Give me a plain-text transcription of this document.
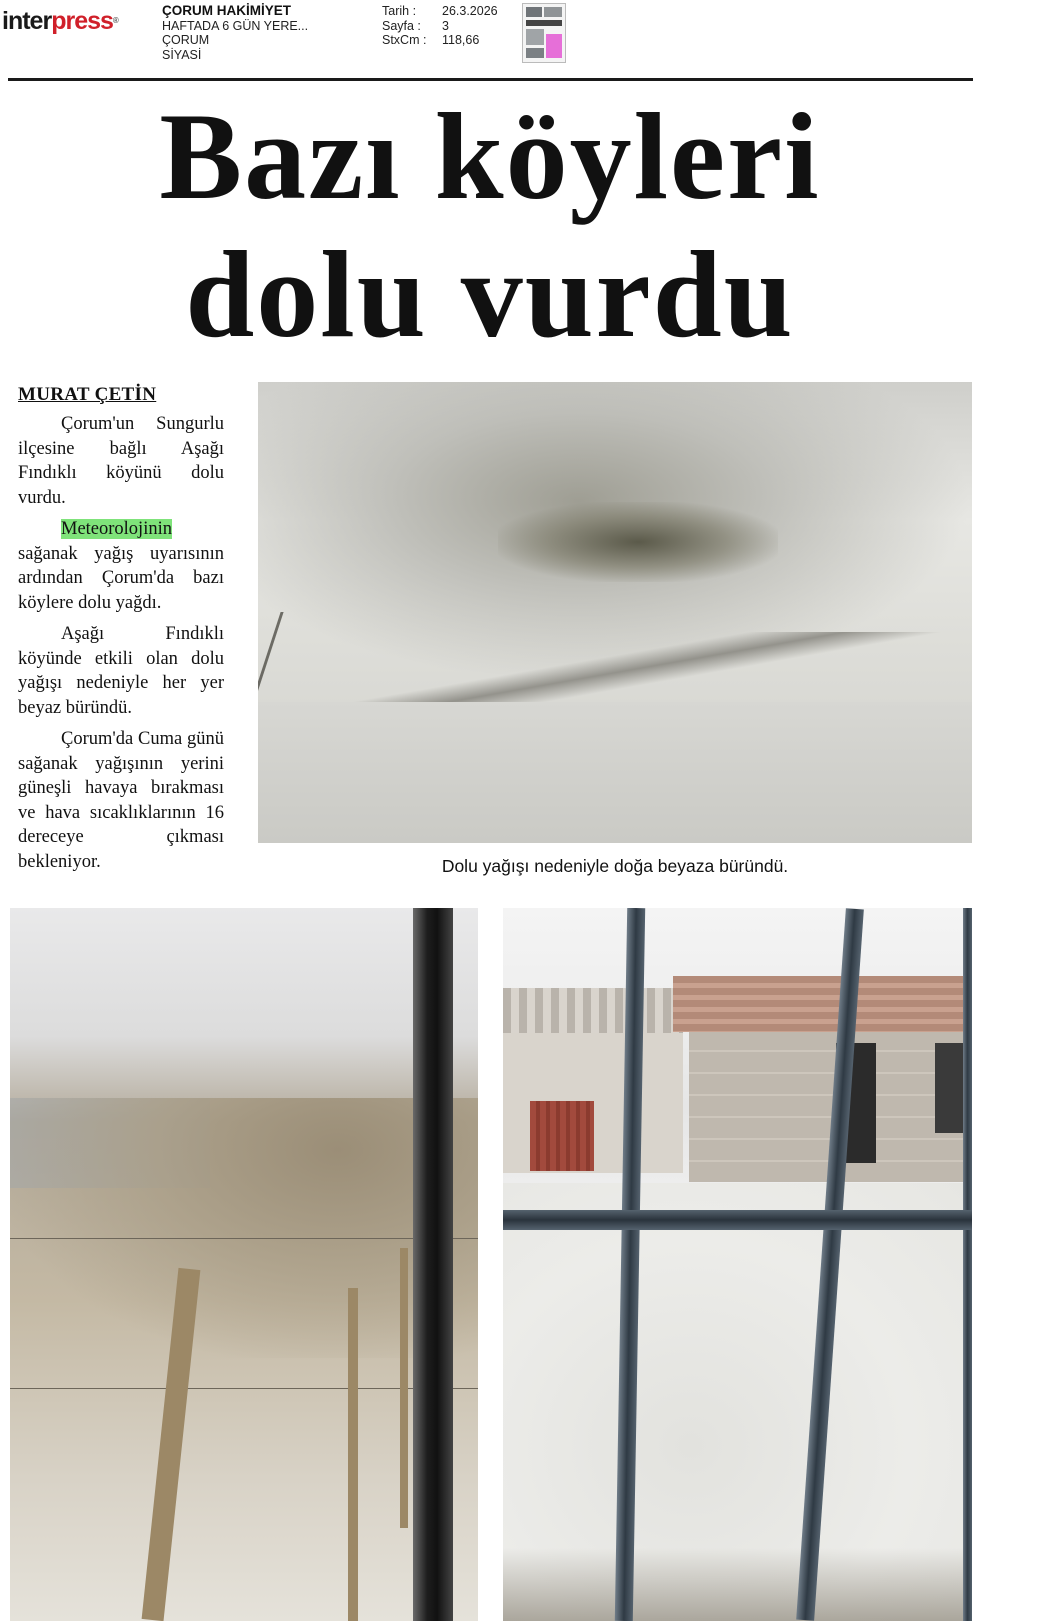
interpress®
ÇORUM HAKİMİYET
HAFTADA 6 GÜN YERE...
ÇORUM
SİYASİ
Tarih :	26.3.2026
Sayfa :	3
StxCm :	118,66
Bazı köyleri
dolu vurdu
MURAT ÇETİN

Çorum'un Sungurlu ilçesine bağlı Aşağı Fındıklı köyünü dolu vurdu.

Meteorolojinin sağanak yağış uyarısının ardından Çorum'da bazı köylere dolu yağdı.

Aşağı Fındıklı köyünde etkili olan dolu yağışı nedeniyle her yer beyaz büründü.

Çorum'da Cuma günü sağanak yağışının yerini güneşli havaya bırakması ve hava sıcaklıklarının 16 dereceye çıkması bekleniyor.	Dolu yağışı nedeniyle doğa beyaza büründü.
